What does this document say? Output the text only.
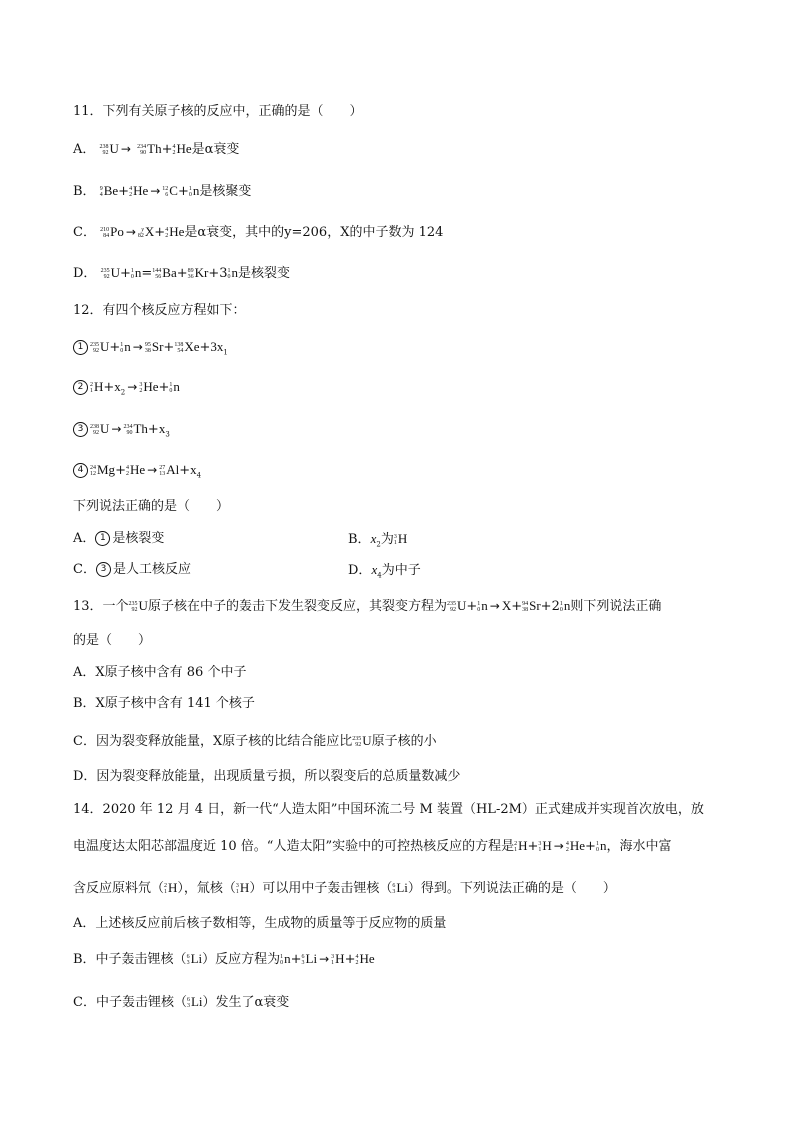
11．下列有关原子核的反应中，正确的是（　　）
A． 238
92 U → 234
90 Th+ 4
2 He是α衰变
B． 9
4 Be+ 4
2 He → 12
6 C+ 1
0 n是核聚变
C． 210
84 Po → y
82 X+ 4
2 He是α衰变，其中的y=206，X的中子数为 124
D． 235
92 U+ 1
0 n= 144
56 Ba+ 89
36 Kr+3 1
0 n是核裂变
12．有四个核反应方程如下：
1 235
92 U+ 1
0 n → 95
38 Sr+ 138
54 $Xe+3x_1$
2 2
1 $H+x_2 \to 3$
2 He+ 1
0 n
3 238
92 U → 234
90 $Th+x_3$
4 24
12 Mg+ 4
2 He → 27
13 $Al+x_4$
下列说法正确的是（　　）
A． 1 是核裂变	B．$x_2$为 3
1 H
C． 3 是人工核反应	D．$x_4$为中子
13．一个 235
92 U原子核在中子的轰击下发生裂变反应，其裂变方程为 235
92 U+ 1
0 n → X+ 94
38 Sr+2 1
0 n则下列说法正确
的是（　　）
A．X原子核中含有 86 个中子
B．X原子核中含有 141 个核子
C．因为裂变释放能量，X原子核的比结合能应比 235
92 U原子核的小
D．因为裂变释放能量，出现质量亏损，所以裂变后的总质量数减少
14．2020 年 12 月 4 日，新一代“人造太阳”中国环流二号 M 装置（HL-2M）正式建成并实现首次放电，放
电温度达太阳芯部温度近 10 倍。“人造太阳”实验中的可控热核反应的方程是 2
1 H+ 3
1 H → 4
2 He+ 1
0 n，海水中富
含反应原料氘（ 2
1 H），氚核（ 3
1 H）可以用中子轰击锂核（ 6
3 Li）得到。下列说法正确的是（　　）
A．上述核反应前后核子数相等，生成物的质量等于反应物的质量
B．中子轰击锂核（ 6
3 Li）反应方程为 1
0 n+ 6
3 Li → 3
1 H+ 4
2 He
C．中子轰击锂核（ 6
3 Li）发生了α衰变
